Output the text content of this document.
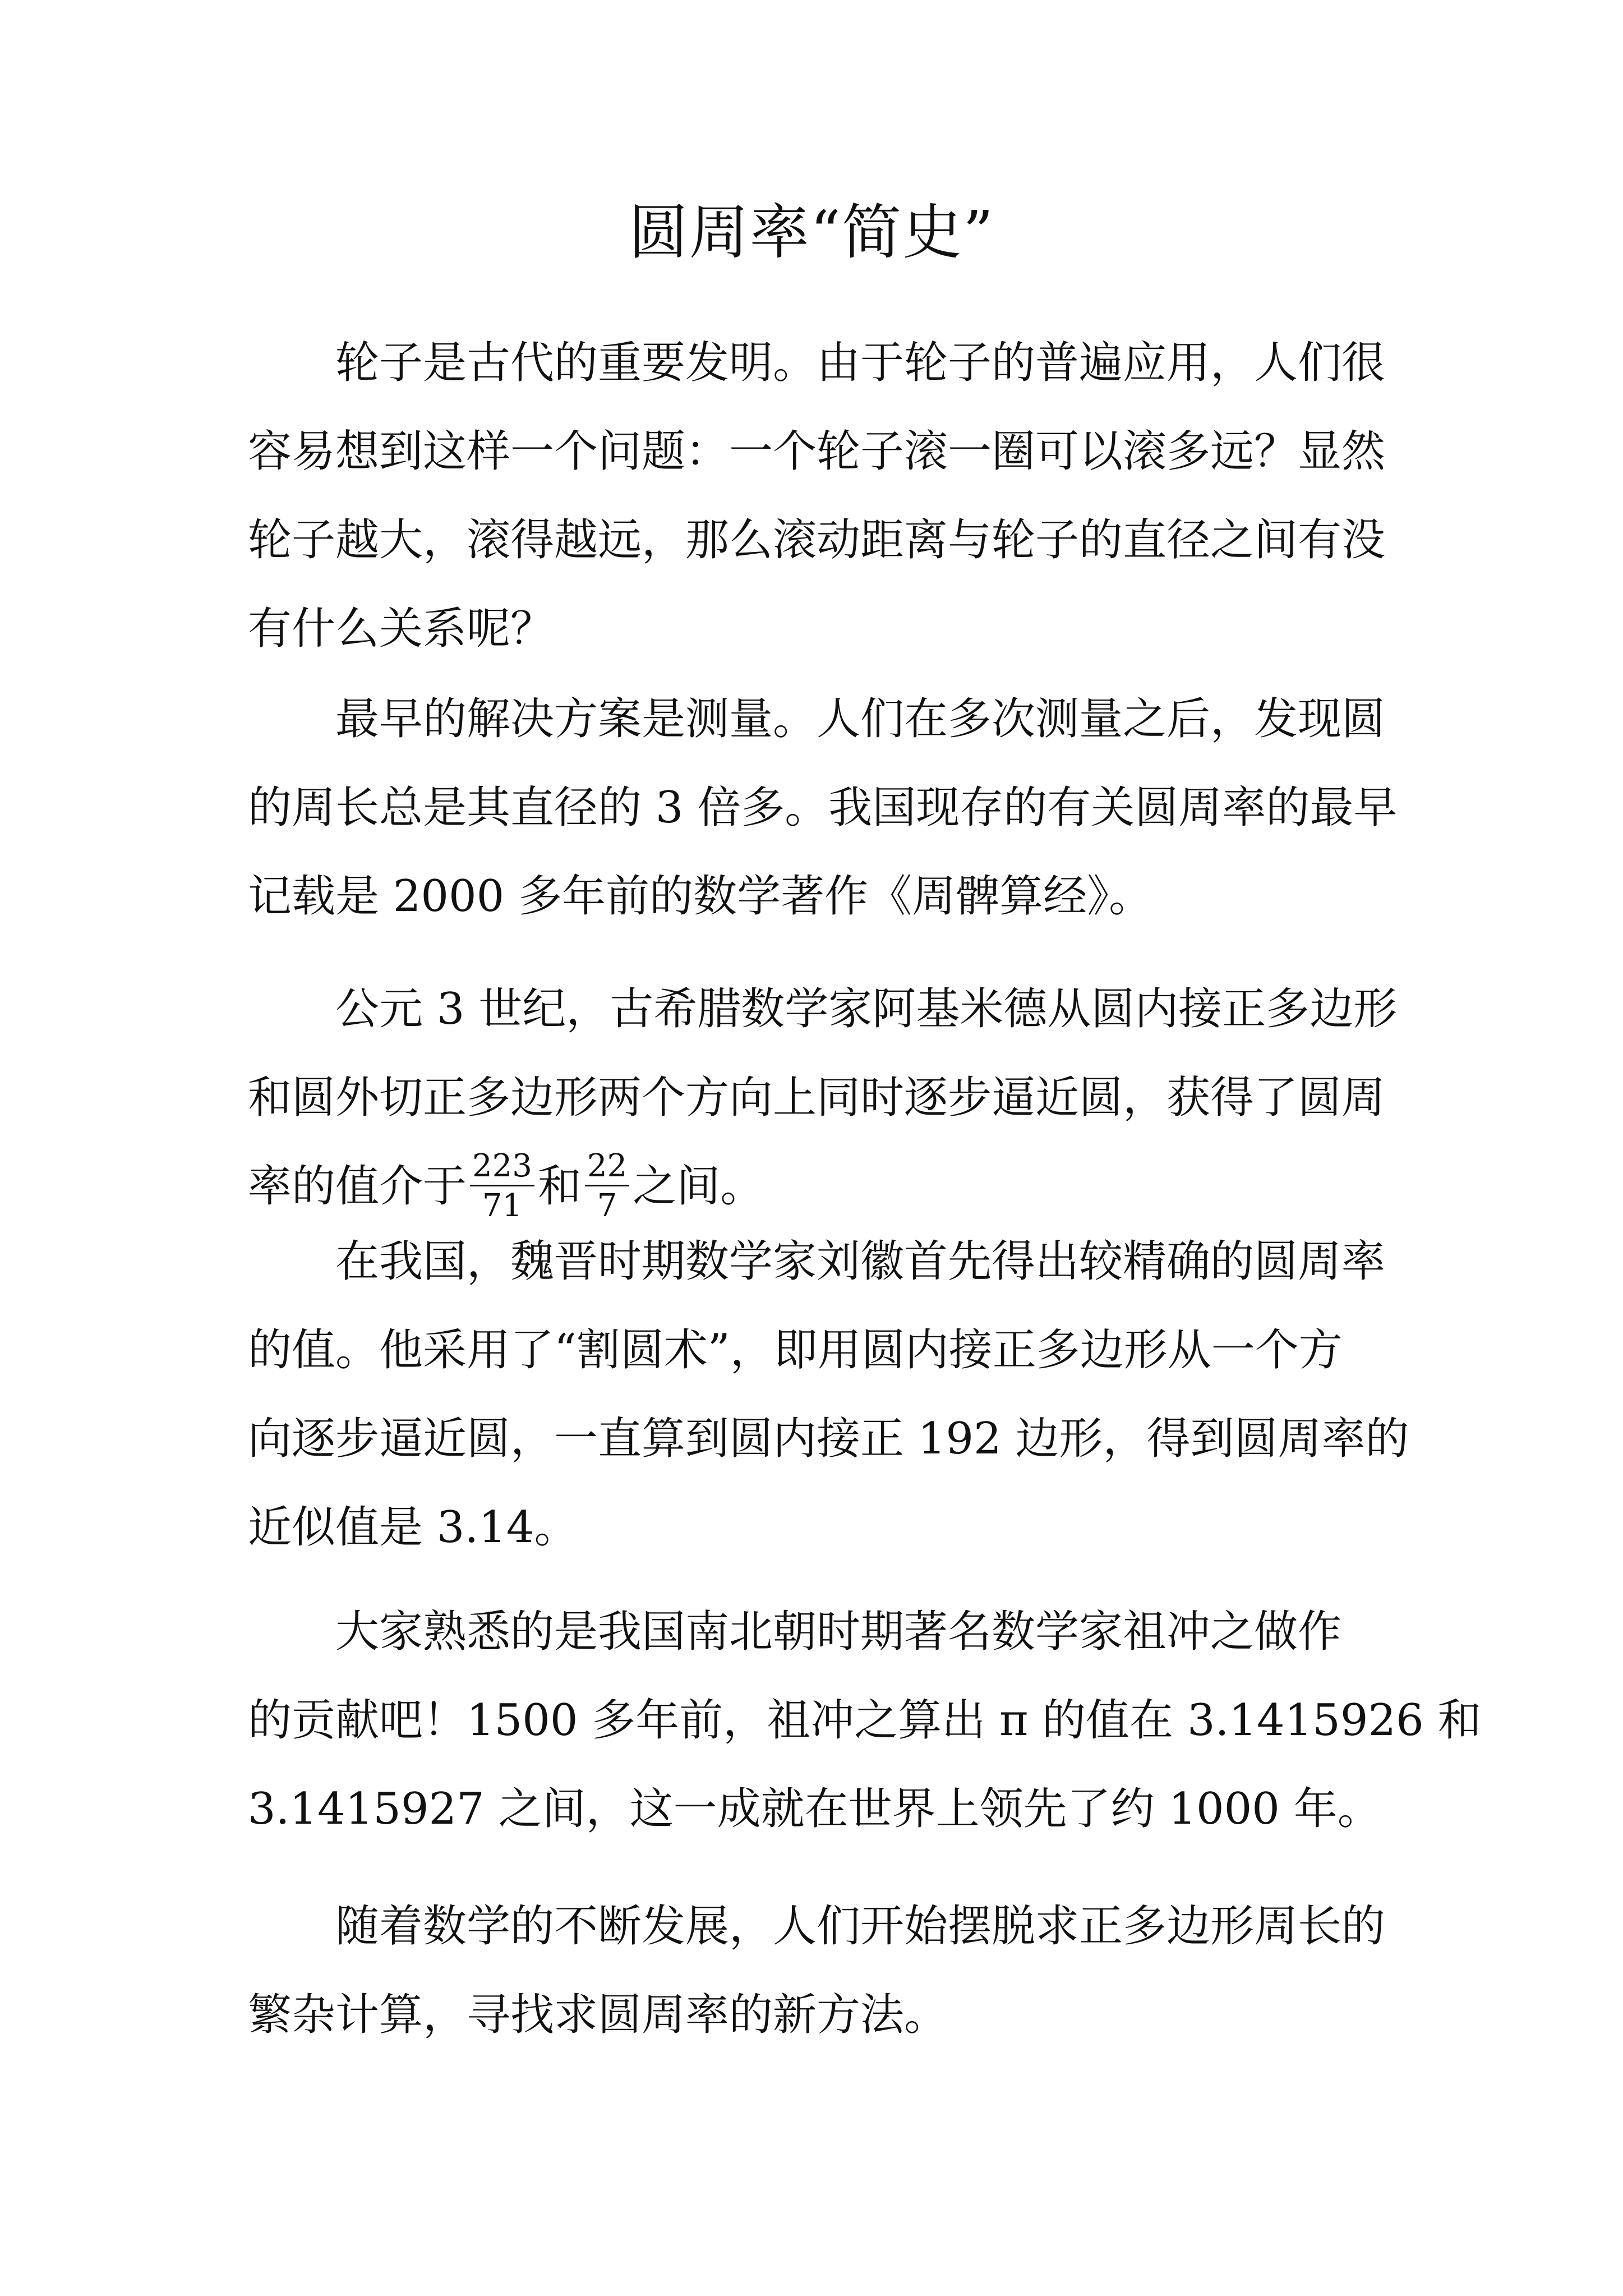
圆周率“简史”
轮子是古代的重要发明。由于轮子的普遍应用，人们很
容易想到这样一个问题：一个轮子滚一圈可以滚多远？显然
轮子越大，滚得越远，那么滚动距离与轮子的直径之间有没
有什么关系呢？
最早的解决方案是测量。人们在多次测量之后，发现圆
的周长总是其直径的 3 倍多。我国现存的有关圆周率的最早
记载是 2000 多年前的数学著作《周髀算经》。
公元 3 世纪，古希腊数学家阿基米德从圆内接正多边形
和圆外切正多边形两个方向上同时逐步逼近圆，获得了圆周
率的值介于 $\frac{223}{71}$ 和 $\frac{22}{7}$ 之间。
在我国，魏晋时期数学家刘徽首先得出较精确的圆周率
的值。他采用了“割圆术”，即用圆内接正多边形从一个方
向逐步逼近圆，一直算到圆内接正 192 边形，得到圆周率的
近似值是 3.14。
大家熟悉的是我国南北朝时期著名数学家祖冲之做作
的贡献吧！1500 多年前，祖冲之算出 π 的值在 3.1415926 和
3.1415927 之间，这一成就在世界上领先了约 1000 年。
随着数学的不断发展，人们开始摆脱求正多边形周长的
繁杂计算，寻找求圆周率的新方法。
